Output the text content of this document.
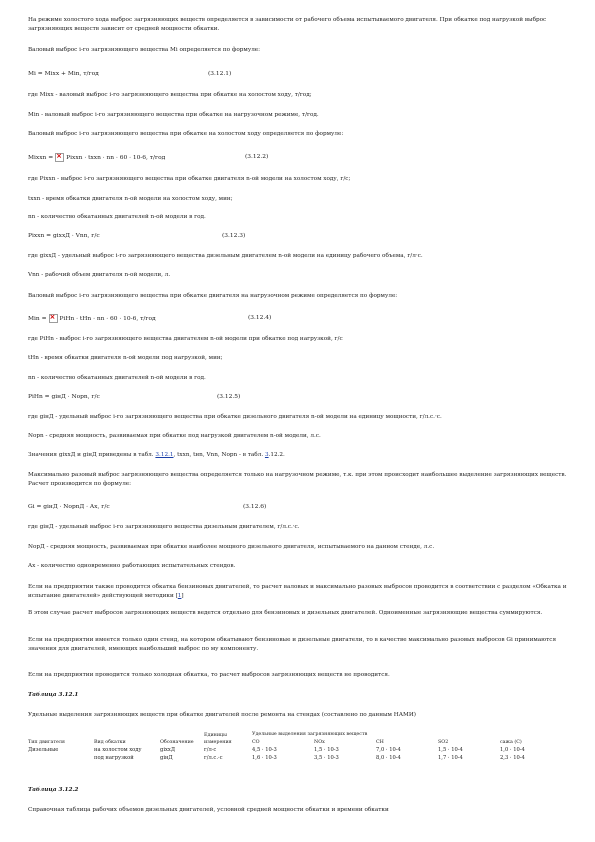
На режиме холостого хода выброс загрязняющих веществ определяется в зависимости от рабочего объема испытываемого двигателя. При обкатке под нагрузкой выброс загрязняющих веществ зависит от средней мощности обкатки.
Валовый выброс i-го загрязняющего вещества Mi определяется по формуле:
Mi = Mixx + Min, т/год	(3.12.1)
где Mixx - валовый выброс i-го загрязняющего вещества при обкатке на холостом ходу, т/год;
Min - валовый выброс i-го загрязняющего вещества при обкатке на нагрузочном режиме, т/год.
Валовый выброс i-го загрязняющего вещества при обкатке на холостом ходу определяется по формуле:
Mixxn = × Pixxn · txxn · nn · 60 · 10-6, т/год	(3.12.2)
где Pixxn - выброс i-го загрязняющего вещества при обкатке двигателя n-ой модели на холостом ходу, г/с;
txxn - время обкатки двигателя n-ой модели на холостом ходу, мин;
nn - количество обкатанных двигателей n-ой модели в год.
Pixxn = gixxД · Vnn, г/с	(3.12.3)
где gixxД - удельный выброс i-го загрязняющего вещества дизельным двигателем n-ой модели на единицу рабочего объема, г/л·с.
Vnn - рабочий объем двигателя n-ой модели, л.
Валовый выброс i-го загрязняющего вещества при обкатке двигателя на нагрузочном режиме определяется по формуле:
Min = × PiHn · tHn · nn · 60 · 10-6, т/год	(3.12.4)
где PiHn - выброс i-го загрязняющего вещества двигателем n-ой модели при обкатке под нагрузкой, г/с
tHn - время обкатки двигателя n-ой модели под нагрузкой, мин;
nn - количество обкатанных двигателей n-ой модели в год.
PiHn = giнД · Nopn, г/с	(3.12.5)
где giнД - удельный выброс i-го загрязняющего вещества при обкатке дизельного двигателя n-ой модели на единицу мощности, г/л.с.·с.
Nopn - средняя мощность, развиваемая при обкатке под нагрузкой двигателем n-ой модели, л.с.
Значения gixxД и giнД приведены в табл. 3.12.1, txxn, tнn, Vnn, Nopn - в табл. 3.12.2.
Максимально разовый выброс загрязняющего вещества определяется только на нагрузочном режиме, т.к. при этом происходит наибольшее выделение загрязняющих веществ. Расчет производится по формуле:
Gi = giнД · NopnД · Ax, г/с	(3.12.6)
где giнД - удельный выброс i-го загрязняющего вещества дизельным двигателем, г/л.с.·с.
NopД - средняя мощность, развиваемая при обкатке наиболее мощного дизельного двигателя, испытываемого на данном стенде, л.с.
Ax - количество одновременно работающих испытательных стендов.
Если на предприятии также проводится обкатка бензиновых двигателей, то расчет валовых и максимально разовых выбросов проводится в соответствии с разделом «Обкатка и испытание двигателей» действующей методики [1]
В этом случае расчет выбросов загрязняющих веществ ведется отдельно для бензиновых и дизельных двигателей. Одноименные загрязняющие вещества суммируются.
Если на предприятии имеется только один стенд, на котором обкатывают бензиновые и дизельные двигатели, то в качестве максимально разовых выбросов Gi принимаются значения для двигателей, имеющих наибольший выброс по му компоненту.
Если на предприятии проводится только холодная обкатка, то расчет выбросов загрязняющих веществ не проводится.
Таблица 3.12.1
Удельные выделения загрязняющих веществ при обкатке двигателей после ремонта на стендах (составлено по данным НАМИ)
Тип двигателя	Вид обкатки	Обозначение	Единицы измерения	Удельные выделения загрязняющих веществ				
				CO	NOx	CH	SO2	сажа (С)
Дизельные	на холостом ходу	gixxД	г/л·с	4,5 · 10-3	1,5 · 10-3	7,0 · 10-4	1,5 · 10-4	1,0 · 10-4
	под нагрузкой	giнД	г/л.с.·с	1,6 · 10-3	3,5 · 10-3	8,0 · 10-4	1,7 · 10-4	2,3 · 10-4
Таблица 3.12.2
Справочная таблица рабочих объемов дизельных двигателей, условной средней мощности обкатки и времени обкатки
